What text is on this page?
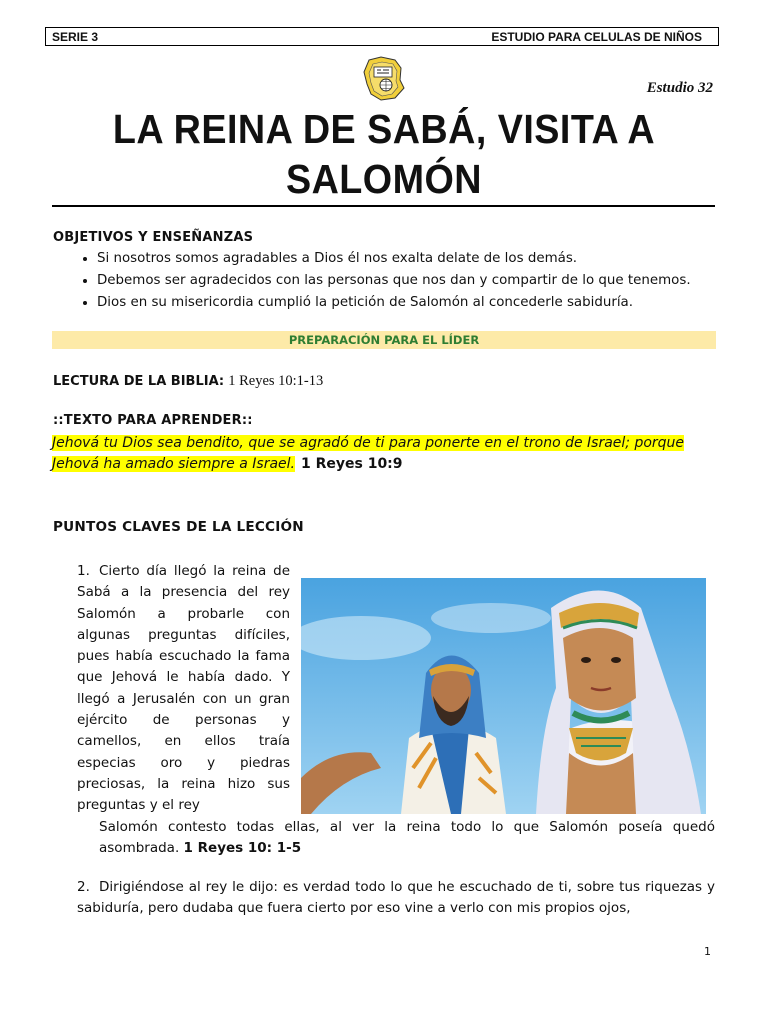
SERIE 3	ESTUDIO PARA CELULAS DE NIÑOS
Estudio 32
LA REINA DE SABÁ, VISITA A
SALOMÓN
OBJETIVOS Y ENSEÑANZAS
• Si nosotros somos agradables a Dios él nos exalta delate de los demás.
• Debemos ser agradecidos con las personas que nos dan y compartir de lo que tenemos.
• Dios en su misericordia cumplió la petición de Salomón al concederle sabiduría.
PREPARACIÓN PARA EL LÍDER
LECTURA DE LA BIBLIA: 1 Reyes 10:1-13
::TEXTO PARA APRENDER::
Jehová tu Dios sea bendito, que se agradó de ti para ponerte en el trono de Israel; porque
Jehová ha amado siempre a Israel. 1 Reyes 10:9
PUNTOS CLAVES DE LA LECCIÓN
1. Cierto día llegó la reina de Sabá a la presencia del rey Salomón a probarle con algunas preguntas difíciles, pues había escuchado la fama que Jehová le había dado. Y llegó a Jerusalén con un gran ejército de personas y camellos, en ellos traía especias oro y piedras preciosas, la reina hizo sus preguntas y el rey
Salomón contesto todas ellas, al ver la reina todo lo que Salomón poseía quedó asombrada. 1 Reyes 10: 1-5
2. Dirigiéndose al rey le dijo: es verdad todo lo que he escuchado de ti, sobre tus riquezas y sabiduría, pero dudaba que fuera cierto por eso vine a verlo con mis propios ojos,
1
